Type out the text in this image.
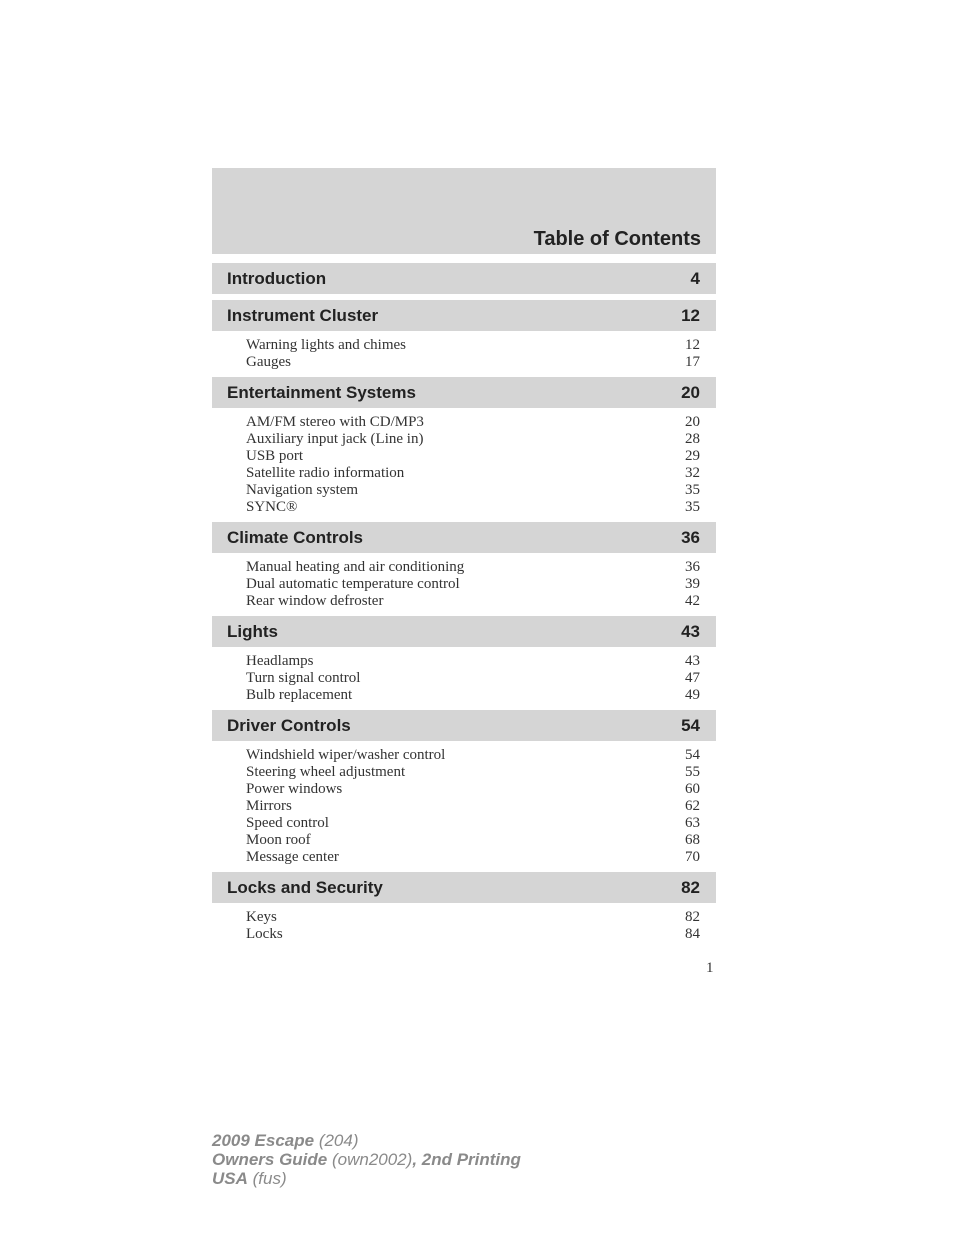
Table of Contents
Introduction	4
Instrument Cluster	12
Warning lights and chimes	12
Gauges	17
Entertainment Systems	20
AM/FM stereo with CD/MP3	20
Auxiliary input jack (Line in)	28
USB port	29
Satellite radio information	32
Navigation system	35
SYNC®	35
Climate Controls	36
Manual heating and air conditioning	36
Dual automatic temperature control	39
Rear window defroster	42
Lights	43
Headlamps	43
Turn signal control	47
Bulb replacement	49
Driver Controls	54
Windshield wiper/washer control	54
Steering wheel adjustment	55
Power windows	60
Mirrors	62
Speed control	63
Moon roof	68
Message center	70
Locks and Security	82
Keys	82
Locks	84
1
2009 Escape (204)
Owners Guide (own2002), 2nd Printing
USA (fus)
